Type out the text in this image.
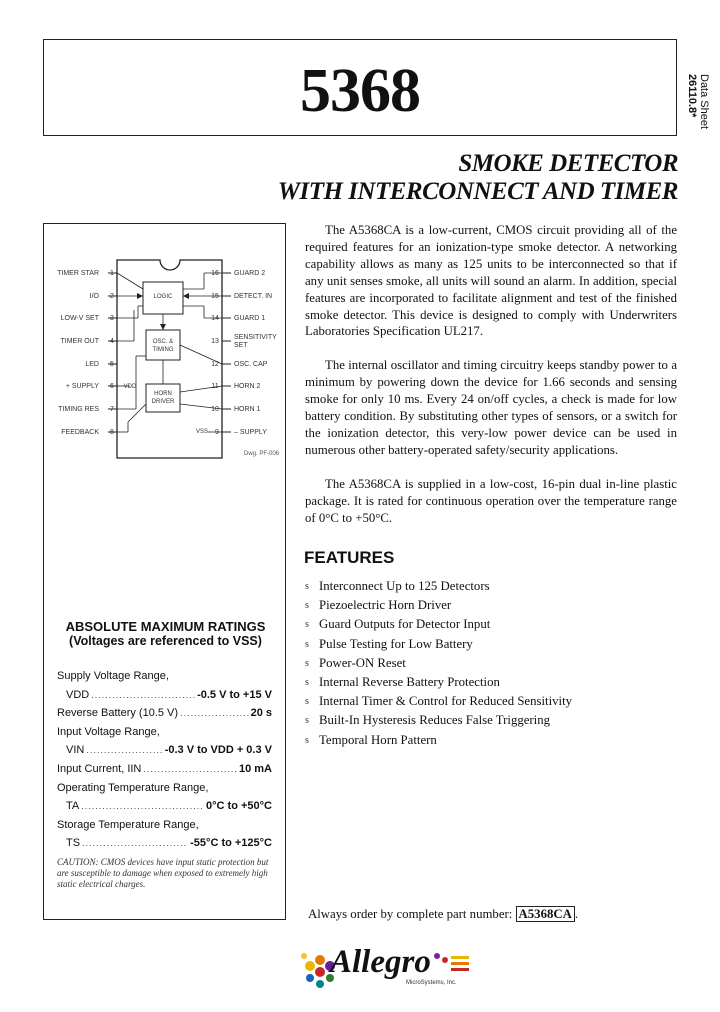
5368	Data Sheet

26110.8*
SMOKE DETECTOR
WITH INTERCONNECT AND TIMER
1
2
3
4
5
6
7
8
16
15
14
13
12
11
10
9
TIMER STAR
I/O
LOW-V SET
TIMER OUT
LED
+ SUPPLY
TIMING RES
FEEDBACK
GUARD 2
DETECT. IN
GUARD 1
SENSITIVITY SET
OSC. CAP
HORN 2
HORN 1
– SUPPLY
LOGIC
OSC. &
TIMING
HORN
DRIVER
VDD
VSS
Dwg. PF-006
ABSOLUTE MAXIMUM RATINGS
(Voltages are referenced to VSS)
Supply Voltage Range,
VDD .....	-0.5 V to +15 V
Reverse Battery (10.5 V) .....	20 s
Input Voltage Range,
VIN .....	-0.3 V to VDD + 0.3 V
Input Current, IIN .....	10 mA
Operating Temperature Range,
TA .....	0°C to +50°C
Storage Temperature Range,
TS .....	-55°C to +125°C
CAUTION: CMOS devices have input static protection but are susceptible to damage when exposed to extremely high static electrical charges.

The A5368CA is a low-current, CMOS circuit providing all of the required features for an ionization-type smoke detector. A networking capability allows as many as 125 units to be interconnected so that if any unit senses smoke, all units will sound an alarm. In addition, special features are incorporated to facilitate alignment and test of the finished smoke detector. This device is designed to comply with Underwriters Laboratories Specification UL217.

The internal oscillator and timing circuitry keeps standby power to a minimum by powering down the device for 1.66 seconds and sensing smoke for only 10 ms. Every 24 on/off cycles, a check is made for low battery condition. By substituting other types of sensors, or a switch for the ionization detector, this very-low power device can be used in numerous other battery-operated safety/security applications.

The A5368CA is supplied in a low-cost, 16-pin dual in-line plastic package. It is rated for continuous operation over the temperature range of 0°C to +50°C.

FEATURES
s Interconnect Up to 125 Detectors
s Piezoelectric Horn Driver
s Guard Outputs for Detector Input
s Pulse Testing for Low Battery
s Power-ON Reset
s Internal Reverse Battery Protection
s Internal Timer & Control for Reduced Sensitivity
s Built-In Hysteresis Reduces False Triggering
s Temporal Horn Pattern
Always order by complete part number: A5368CA .
Allegro
MicroSystems, Inc.
